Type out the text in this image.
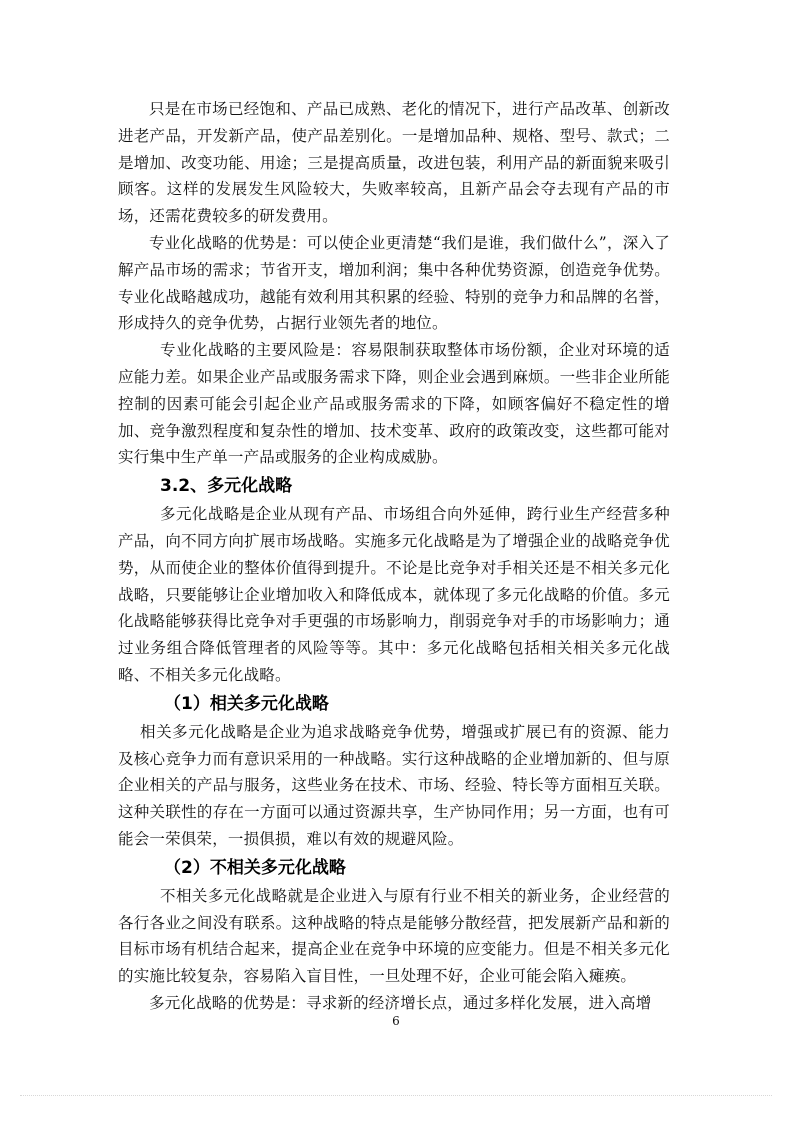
只是在市场已经饱和、产品已成熟、老化的情况下，进行产品改革、创新改进老产品，开发新产品，使产品差别化。一是增加品种、规格、型号、款式；二是增加、改变功能、用途；三是提高质量，改进包装，利用产品的新面貌来吸引顾客。这样的发展发生风险较大，失败率较高，且新产品会夺去现有产品的市场，还需花费较多的研发费用。

专业化战略的优势是：可以使企业更清楚“我们是谁，我们做什么”，深入了解产品市场的需求；节省开支，增加利润；集中各种优势资源，创造竞争优势。专业化战略越成功，越能有效利用其积累的经验、特别的竞争力和品牌的名誉，形成持久的竞争优势，占据行业领先者的地位。

专业化战略的主要风险是：容易限制获取整体市场份额，企业对环境的适应能力差。如果企业产品或服务需求下降，则企业会遇到麻烦。一些非企业所能控制的因素可能会引起企业产品或服务需求的下降，如顾客偏好不稳定性的增加、竞争激烈程度和复杂性的增加、技术变革、政府的政策改变，这些都可能对实行集中生产单一产品或服务的企业构成威胁。

3.2、多元化战略

多元化战略是企业从现有产品、市场组合向外延伸，跨行业生产经营多种产品，向不同方向扩展市场战略。实施多元化战略是为了增强企业的战略竞争优势，从而使企业的整体价值得到提升。不论是比竞争对手相关还是不相关多元化战略，只要能够让企业增加收入和降低成本，就体现了多元化战略的价值。多元化战略能够获得比竞争对手更强的市场影响力，削弱竞争对手的市场影响力；通过业务组合降低管理者的风险等等。其中：多元化战略包括相关相关多元化战略、不相关多元化战略。

（1）相关多元化战略

相关多元化战略是企业为追求战略竞争优势，增强或扩展已有的资源、能力及核心竞争力而有意识采用的一种战略。实行这种战略的企业增加新的、但与原企业相关的产品与服务，这些业务在技术、市场、经验、特长等方面相互关联。这种关联性的存在一方面可以通过资源共享，生产协同作用；另一方面，也有可能会一荣俱荣，一损俱损，难以有效的规避风险。

（2）不相关多元化战略

不相关多元化战略就是企业进入与原有行业不相关的新业务，企业经营的各行各业之间没有联系。这种战略的特点是能够分散经营，把发展新产品和新的目标市场有机结合起来，提高企业在竞争中环境的应变能力。但是不相关多元化的实施比较复杂，容易陷入盲目性，一旦处理不好，企业可能会陷入瘫痪。

多元化战略的优势是：寻求新的经济增长点，通过多样化发展，进入高增

6
